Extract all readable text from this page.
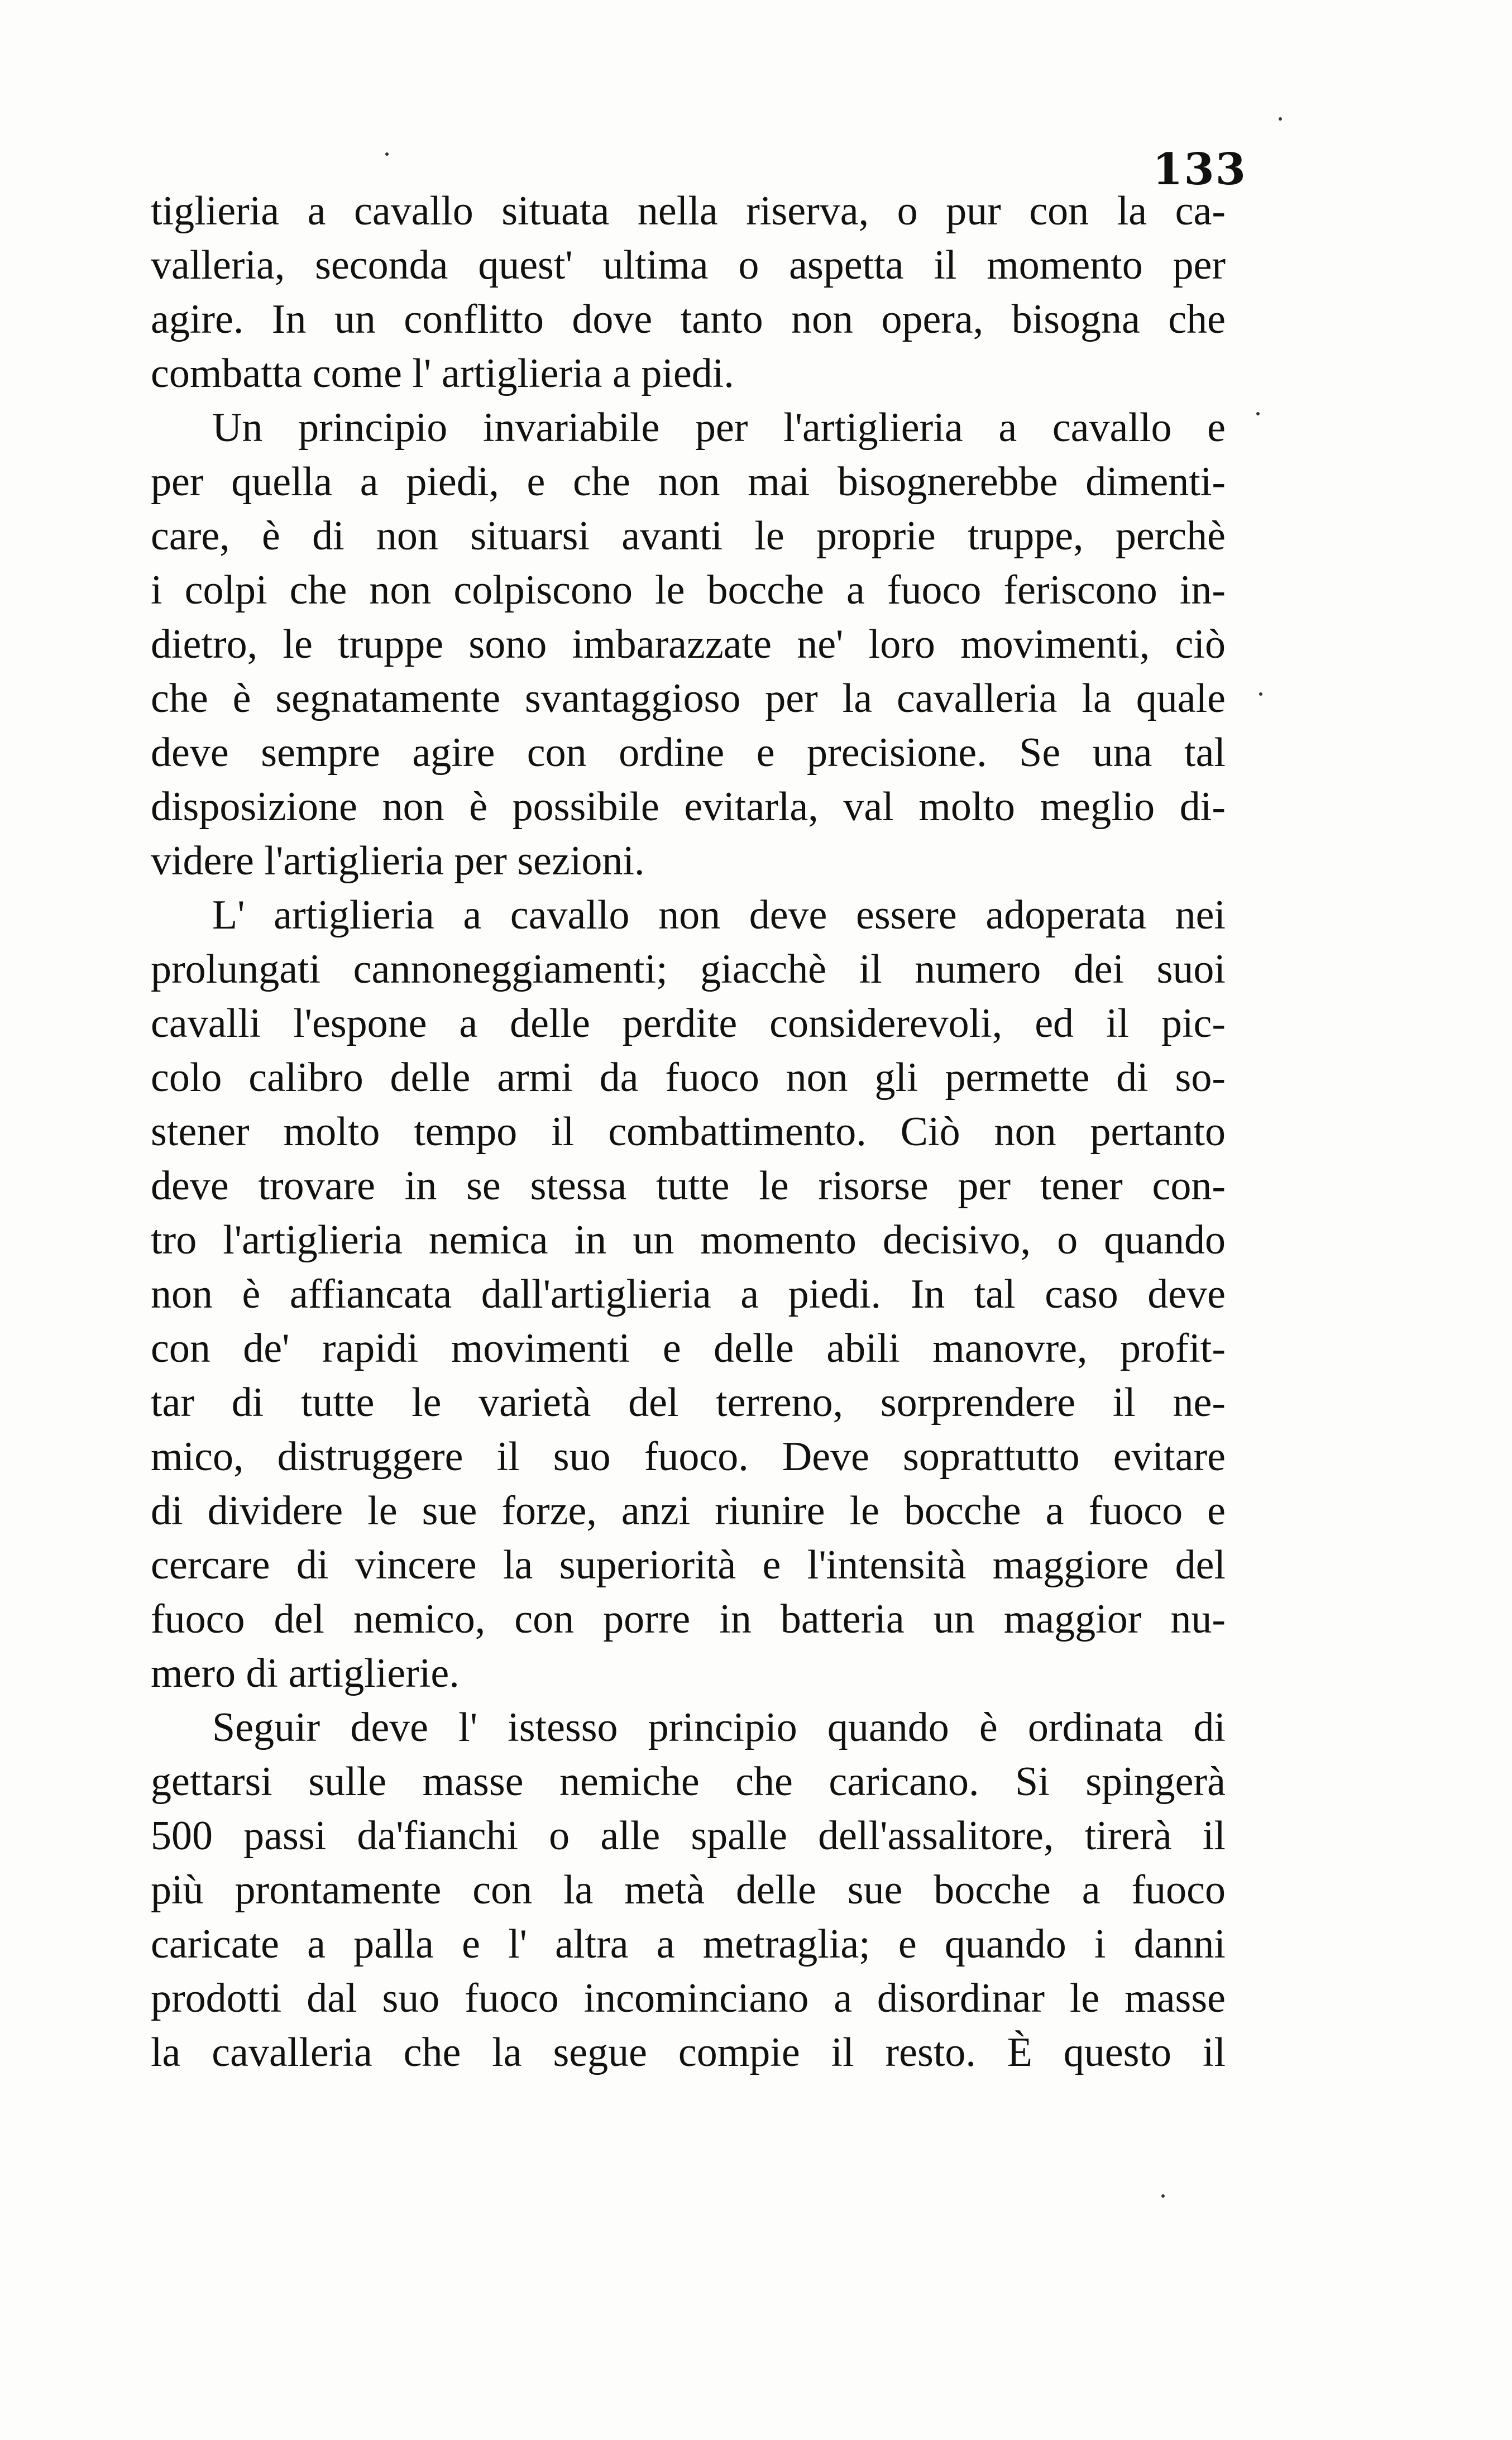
133
tiglieria a cavallo situata nella riserva, o pur con la ca-
valleria, seconda quest' ultima o aspetta il momento per
agire. In un conflitto dove tanto non opera, bisogna che
combatta come l' artiglieria a piedi.
Un principio invariabile per l'artiglieria a cavallo e
per quella a piedi, e che non mai bisognerebbe dimenti-
care, è di non situarsi avanti le proprie truppe, perchè
i colpi che non colpiscono le bocche a fuoco feriscono in-
dietro, le truppe sono imbarazzate ne' loro movimenti, ciò
che è segnatamente svantaggioso per la cavalleria la quale
deve sempre agire con ordine e precisione. Se una tal
disposizione non è possibile evitarla, val molto meglio di-
videre l'artiglieria per sezioni.
L' artiglieria a cavallo non deve essere adoperata nei
prolungati cannoneggiamenti; giacchè il numero dei suoi
cavalli l'espone a delle perdite considerevoli, ed il pic-
colo calibro delle armi da fuoco non gli permette di so-
stener molto tempo il combattimento. Ciò non pertanto
deve trovare in se stessa tutte le risorse per tener con-
tro l'artiglieria nemica in un momento decisivo, o quando
non è affiancata dall'artiglieria a piedi. In tal caso deve
con de' rapidi movimenti e delle abili manovre, profit-
tar di tutte le varietà del terreno, sorprendere il ne-
mico, distruggere il suo fuoco. Deve soprattutto evitare
di dividere le sue forze, anzi riunire le bocche a fuoco e
cercare di vincere la superiorità e l'intensità maggiore del
fuoco del nemico, con porre in batteria un maggior nu-
mero di artiglierie.
Seguir deve l' istesso principio quando è ordinata di
gettarsi sulle masse nemiche che caricano. Si spingerà
500 passi da'fianchi o alle spalle dell'assalitore, tirerà il
più prontamente con la metà delle sue bocche a fuoco
caricate a palla e l' altra a metraglia; e quando i danni
prodotti dal suo fuoco incominciano a disordinar le masse
la cavalleria che la segue compie il resto. È questo il
